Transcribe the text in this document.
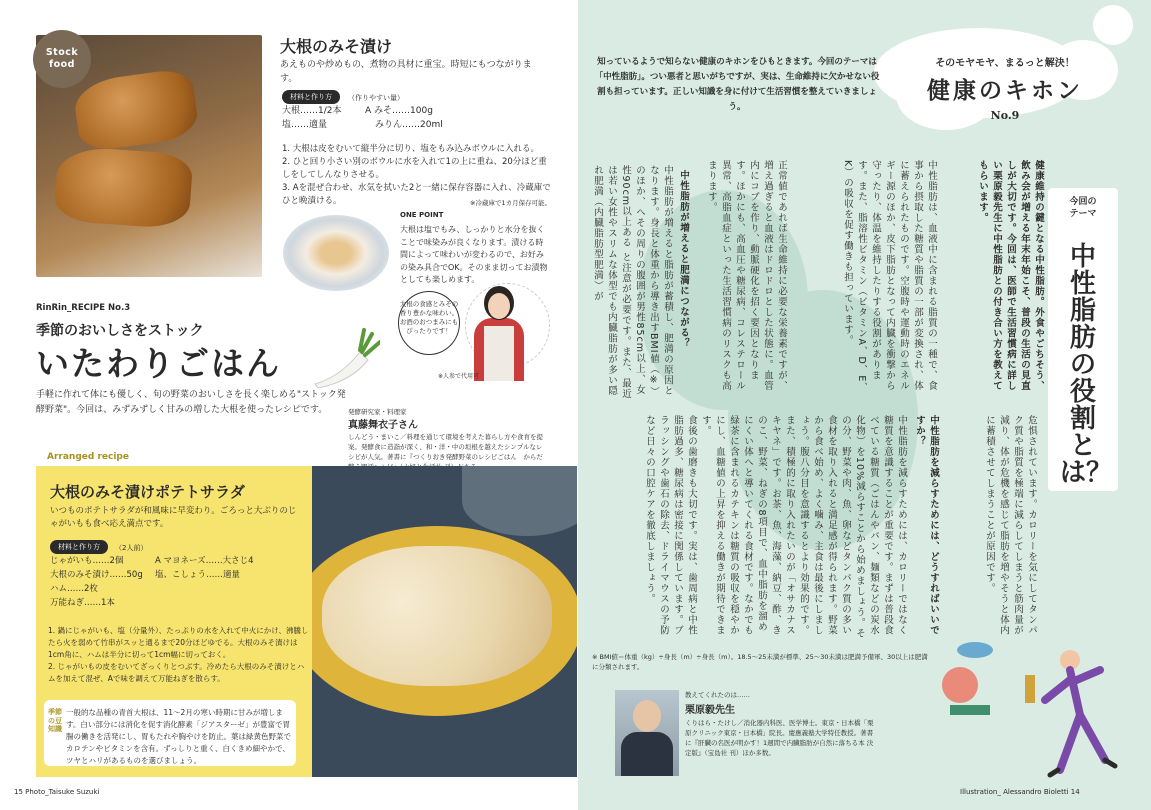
Stock
food
大根のみそ漬け
あえものや炒めもの、煮物の具材に重宝。時短にもつながります。
材料と作り方	（作りやすい量）
大根……1/2本
塩……適量
A みそ……100g
みりん……20ml
1. 大根は皮をむいて縦半分に切り、塩をもみ込みボウルに入れる。
2. ひと回り小さい別のボウルに水を入れて1の上に重ね、20分ほど重しをしてしんなりさせる。
3. Aを混ぜ合わせ、水気を拭いた2と一緒に保存容器に入れ、冷蔵庫でひと晩漬ける。	※冷蔵庫で1カ月保存可能。
ONE POINT
大根は塩でもみ、しっかりと水分を抜くことで味染みが良くなります。漬ける時間によって味わいが変わるので、お好みの染み具合でOK。そのまま切ってお漬物としても楽しめます。
RinRin_RECIPE No.3
季節のおいしさをストック
いたわりごはん
手軽に作れて体にも優しく、旬の野菜のおいしさを長く楽しめる"ストック発酵野菜"。今回は、みずみずしく甘みの増した大根を使ったレシピです。
大根の食感とみその香り豊かな味わい。お酒のおつまみにもぴったりです！
※人参で代用可
発酵研究家・料理家
真藤舞衣子さん
しんどう・まいこ／料理を通じて環境を考えた暮らし方や食育を提案。発酵食に造詣が深く、和・洋・中の垣根を越えたシンプルなレシピが人気。著書に『つくりおき発酵野菜のレシピごはん　からだ
Arranged recipe
大根のみそ漬けポテトサラダ
いつものポテトサラダが和風味に早変わり。ごろっと大ぶりのじゃがいもも食べ応え満点です。
材料と作り方	（2人前）
じゃがいも……2個
大根のみそ漬け……50g
ハム……2枚
万能ねぎ……1本
A マヨネーズ……大さじ4
塩、こしょう……適量
1. 鍋にじゃがいも、塩（分量外）、たっぷりの水を入れて中火にかけ、沸騰したら火を弱めて竹串がスッと通るまで20分ほどゆでる。大根のみそ漬けは1cm角に、ハムは半分に切って1cm幅に切っておく。
2. じゃがいもの皮をむいてざっくりとつぶす。冷めたら大根のみそ漬けとハムを加えて混ぜ、Aで味を調えて万能ねぎを散らす。
季節の豆知識
一般的な品種の青首大根は、11〜2月の寒い時期に甘みが増します。白い部分には消化を促す消化酵素「ジアスターゼ」が豊富で胃腸の働きを活発にし、胃もたれや胸やけを防止。葉は緑黄色野菜でカロテンやビタミンを含有。ずっしりと重く、白くきめ細やかで、ツヤとハリがあるものを選びましょう。
15 Photo_Taisuke Suzuki
知っているようで知らない健康のキホンをひもときます。今回のテーマは「中性脂肪」。つい悪者と思いがちですが、実は、生命維持に欠かせない役割も担っています。正しい知識を身に付けて生活習慣を整えていきましょう。
そのモヤモヤ、まるっと解決！
健康のキホン
No.9
今回の
テーマ
中性脂肪の役割とは？
健康維持の鍵となる中性脂肪。外食やごちそう、飲み会が増える年末年始こそ、普段の生活の見直しが大切です。今回は、医師で生活習慣病に詳しい栗原毅先生に中性脂肪との付き合い方を教えてもらいます。
中性脂肪は、血液中に含まれる脂質の一種で、食事から摂取した糖質や脂質の一部が変換され、体に蓄えられたものです。空腹時や運動時のエネルギー源のほか、皮下脂肪となって内臓を衝撃から守ったり、体温を維持したりする役割があります。また、脂溶性ビタミン（ビタミンA、D、E、K）の吸収を促す働きも担っています。
正常値であれば生命維持に必要な栄養素ですが、増え過ぎると血液はドロドロとした状態に。血管内にコブを作り、動脈硬化を招く要因となります。ほかにも、高血圧や糖尿病、コレステロール異常、高脂血症といった生活習慣病のリスクも高まります。
中性脂肪が増えると肥満につながる？
中性脂肪が増えると脂肪が蓄積し、肥満の原因となります。身長と体重から導き出すBMI値（※）のほか、へその周りの腹囲が男性85cm以上、女性90cm以上ある と注意が必要です。また、最近は若い女性やスリムな体型でも内臓脂肪が多い隠れ肥満（内臓脂肪型肥満）が
危惧されています。カロリーを気にしてタンパク質や脂質を極端に減らしてしまうと筋肉量が減り、体が危機を感じて脂肪を増やそうと体内に蓄積させてしまうことが原因です。
中性脂肪を減らすためには、どうすればいいですか？
中性脂肪を減らすためには、カロリーではなく糖質を意識することが重要です。まずは普段食べている糖質（ごはんやパン、麺類などの炭水化物）を10%減らすことから始めましょう。その分、野菜や肉、魚、卵などタンパク質の多い食材を取り入れると満足感が得られます。野菜から食べ始め、よく噛み、主食は最後にしましょう。腹八分目を意識するとより効果的です。また、積極的に取り入れたいのが「オサカナスキヤネ」です。お茶、魚、海藻、納豆、酢、きのこ、野菜、ねぎの8項目で、血中脂肪を溜めにくい体へと導いてくれる食材です。なかでも緑茶に含まれるカテキンは糖質の吸収を穏やかにし、血糖値の上昇を抑える働きが期待できます。
食後の歯磨きも大切です。実は、歯周病と中性脂肪過多、糖尿病は密接に関係しています。ブラッシングや歯石の除去、ドライマウスの予防など日々の口腔ケアを徹底しましょう。
※ BMI値＝体重（kg）÷身長（m）÷身長（m）。18.5〜25未満が標準、25〜30未満は肥満予備軍、30以上は肥満に分類されます。
教えてくれたのは……
栗原毅先生
くりはら・たけし／消化器内科医、医学博士。東京・日本橋「栗原クリニック東京・日本橋」院長。慶應義塾大学特任教授。著書に『肝臓の名医が明かす！1週間で内臓脂肪が自然に落ちる本 決定版』（宝島社 刊）ほか多数。
Illustration_ Alessandro Bioletti 14
